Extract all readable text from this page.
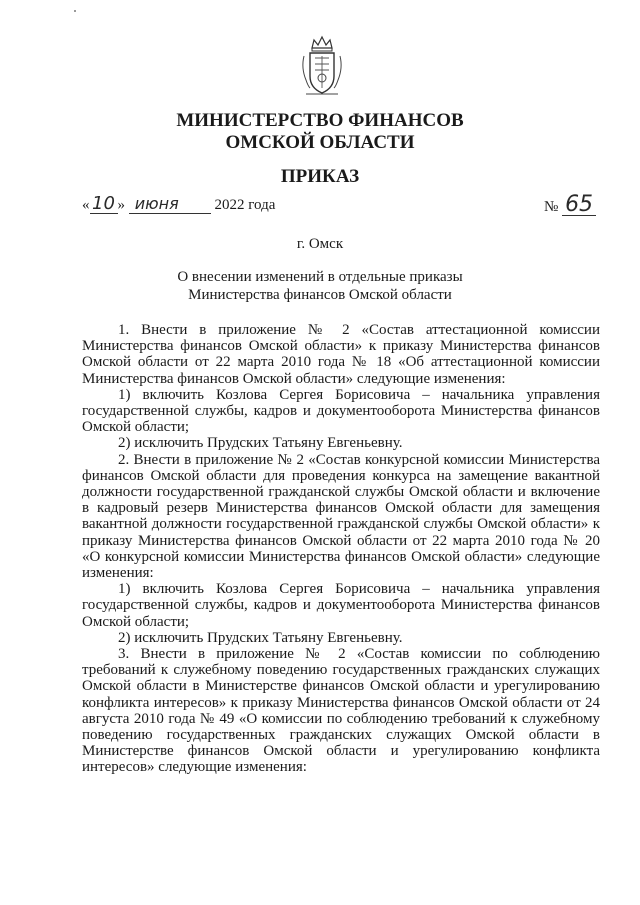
МИНИСТЕРСТВО ФИНАНСОВ
ОМСКОЙ ОБЛАСТИ
ПРИКАЗ
« 10 » июня 2022 года	№ 65
г. Омск
О внесении изменений в отдельные приказы
Министерства финансов Омской области

1. Внести в приложение № 2 «Состав аттестационной комиссии Министерства финансов Омской области» к приказу Министерства финансов Омской области от 22 марта 2010 года № 18 «Об аттестационной комиссии Министерства финансов Омской области» следующие изменения:

1) включить Козлова Сергея Борисовича – начальника управления государственной службы, кадров и документооборота Министерства финансов Омской области;

2) исключить Прудских Татьяну Евгеньевну.

2. Внести в приложение № 2 «Состав конкурсной комиссии Министерства финансов Омской области для проведения конкурса на замещение вакантной должности государственной гражданской службы Омской области и включение в кадровый резерв Министерства финансов Омской области для замещения вакантной должности государственной гражданской службы Омской области» к приказу Министерства финансов Омской области от 22 марта 2010 года № 20 «О конкурсной комиссии Министерства финансов Омской области» следующие изменения:

1) включить Козлова Сергея Борисовича – начальника управления государственной службы, кадров и документооборота Министерства финансов Омской области;

2) исключить Прудских Татьяну Евгеньевну.

3. Внести в приложение № 2 «Состав комиссии по соблюдению требований к служебному поведению государственных гражданских служащих Омской области в Министерстве финансов Омской области и урегулированию конфликта интересов» к приказу Министерства финансов Омской области от 24 августа 2010 года № 49 «О комиссии по соблюдению требований к служебному поведению государственных гражданских служащих Омской области в Министерстве финансов Омской области и урегулированию конфликта интересов» следующие изменения:
